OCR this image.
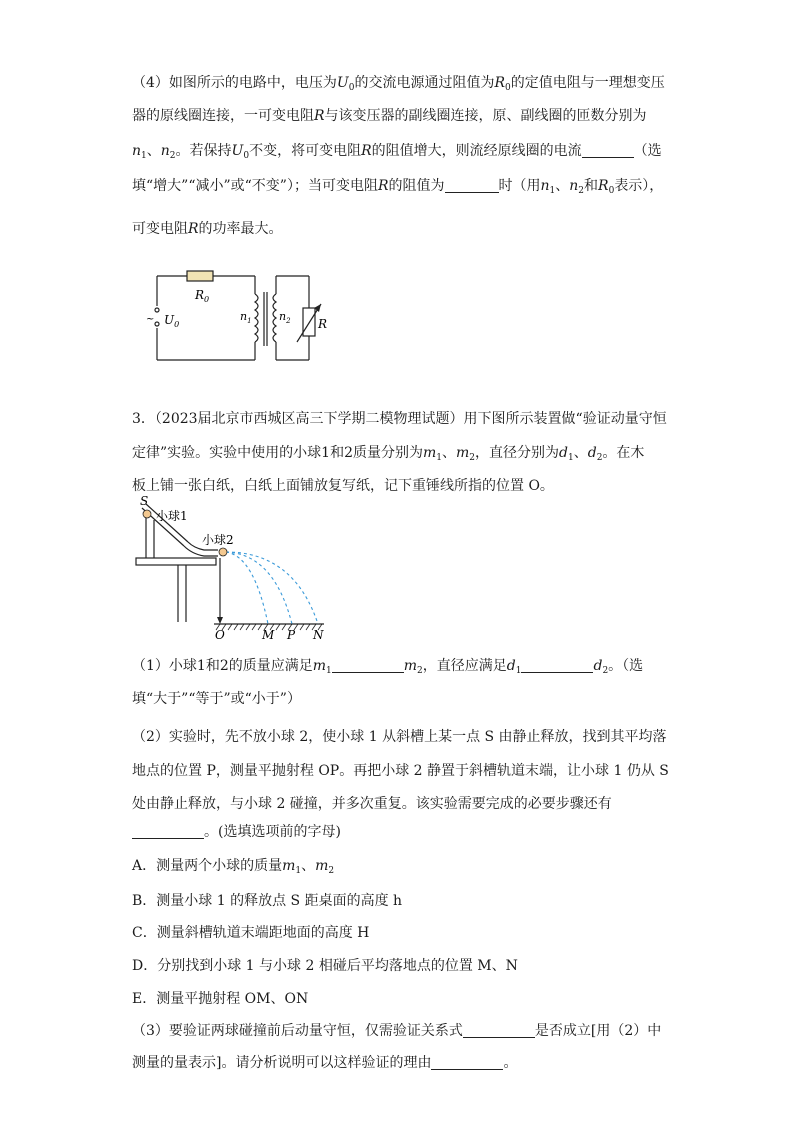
（4）如图所示的电路中，电压为$U_0$的交流电源通过阻值为$R_0$的定值电阻与一理想变压

器的原线圈连接，一可变电阻R与该变压器的副线圈连接，原、副线圈的匝数分别为

$n_1$、$n_2$。若保持$U_0$不变，将可变电阻R的阻值增大，则流经原线圈的电流	（选

填“增大”“减小”或“不变”）；当可变电阻R的阻值为	时（用$n_1$、$n_2$和$R_0$表示），

可变电阻R的功率最大。

$R_0$
~ $U_0$
$n_1$ $n_2$ R

3．（2023届北京市西城区高三下学期二模物理试题）用下图所示装置做“验证动量守恒

定律”实验。实验中使用的小球1和2质量分别为$m_1$、$m_2$，直径分别为$d_1$、$d_2$。在木

板上铺一张白纸，白纸上面铺放复写纸，记下重锤线所指的位置 O。

S
小球1
小球2
O	M P N

（1）小球1和2的质量应满足$m_1$	$m_2$，直径应满足$d_1$	$d_2$。（选

填“大于”“等于”或“小于”）

（2）实验时，先不放小球 2，使小球 1 从斜槽上某一点 S 由静止释放，找到其平均落

地点的位置 P，测量平抛射程 OP。再把小球 2 静置于斜槽轨道末端，让小球 1 仍从 S

处由静止释放，与小球 2 碰撞，并多次重复。该实验需要完成的必要步骤还有

。(选填选项前的字母)

A．测量两个小球的质量$m_1$、$m_2$

B．测量小球 1 的释放点 S 距桌面的高度 h

C．测量斜槽轨道末端距地面的高度 H

D．分别找到小球 1 与小球 2 相碰后平均落地点的位置 M、N

E．测量平抛射程 OM、ON

（3）要验证两球碰撞前后动量守恒，仅需验证关系式	是否成立[用（2）中

测量的量表示]。请分析说明可以这样验证的理由	。
